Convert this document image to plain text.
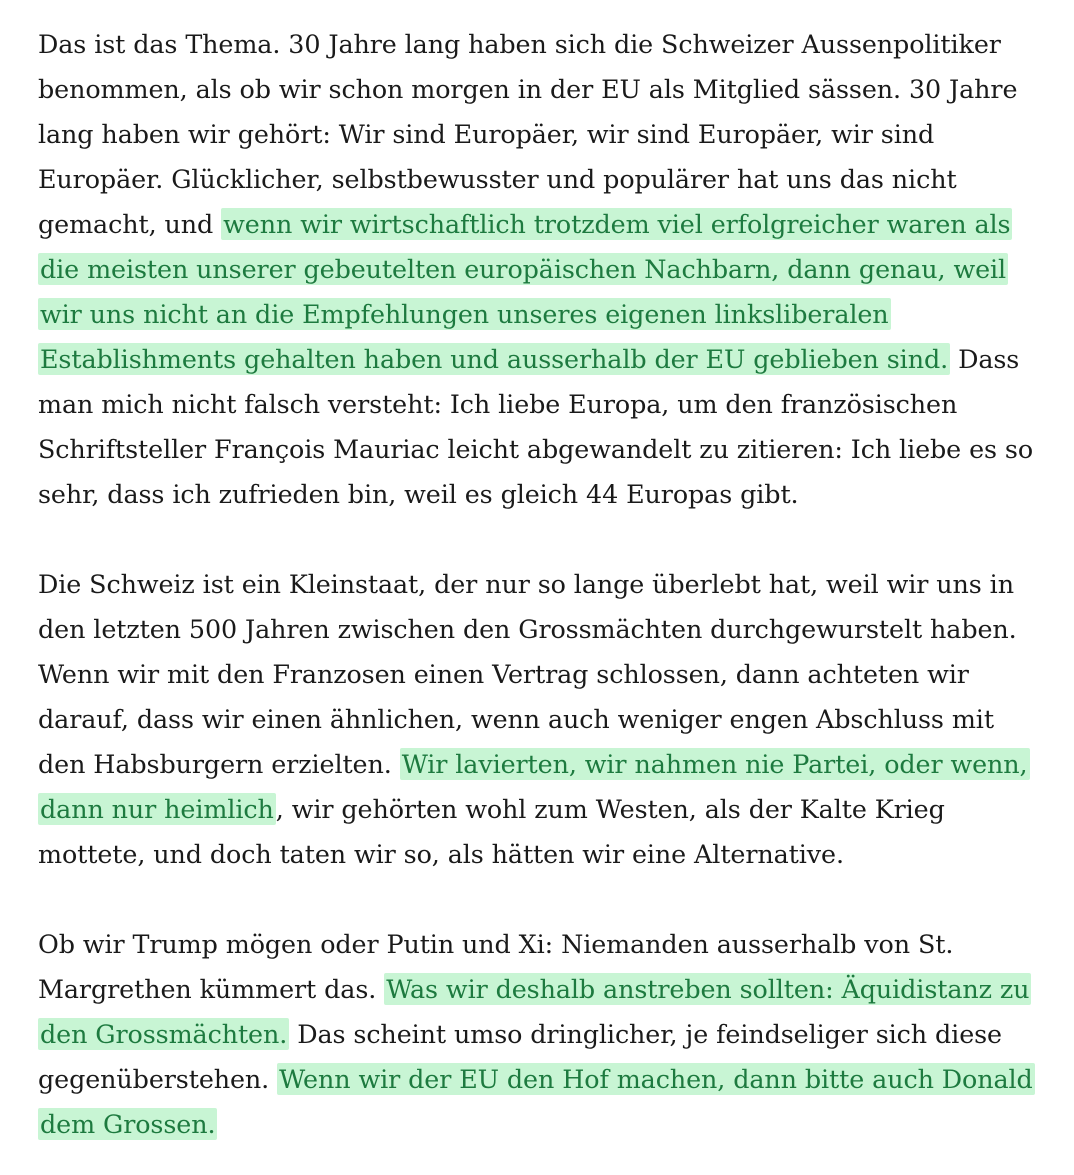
Das ist das Thema. 30 Jahre lang haben sich die Schweizer Aussenpolitiker benommen, als ob wir schon morgen in der EU als Mitglied sässen. 30 Jahre lang haben wir gehört: Wir sind Europäer, wir sind Europäer, wir sind Europäer. Glücklicher, selbstbewusster und populärer hat uns das nicht gemacht, und wenn wir wirtschaftlich trotzdem viel erfolgreicher waren als die meisten unserer gebeutelten europäischen Nachbarn, dann genau, weil wir uns nicht an die Empfehlungen unseres eigenen linksliberalen Establishments gehalten haben und ausserhalb der EU geblieben sind. Dass man mich nicht falsch versteht: Ich liebe Europa, um den französischen Schriftsteller François Mauriac leicht abgewandelt zu zitieren: Ich liebe es so sehr, dass ich zufrieden bin, weil es gleich 44 Europas gibt.

Die Schweiz ist ein Kleinstaat, der nur so lange überlebt hat, weil wir uns in den letzten 500 Jahren zwischen den Grossmächten durchgewurstelt haben. Wenn wir mit den Franzosen einen Vertrag schlossen, dann achteten wir darauf, dass wir einen ähnlichen, wenn auch weniger engen Abschluss mit den Habsburgern erzielten. Wir lavierten, wir nahmen nie Partei, oder wenn, dann nur heimlich, wir gehörten wohl zum Westen, als der Kalte Krieg mottete, und doch taten wir so, als hätten wir eine Alternative.

Ob wir Trump mögen oder Putin und Xi: Niemanden ausserhalb von St. Margrethen kümmert das. Was wir deshalb anstreben sollten: Äquidistanz zu den Grossmächten. Das scheint umso dringlicher, je feindseliger sich diese gegenüberstehen. Wenn wir der EU den Hof machen, dann bitte auch Donald dem Grossen.
